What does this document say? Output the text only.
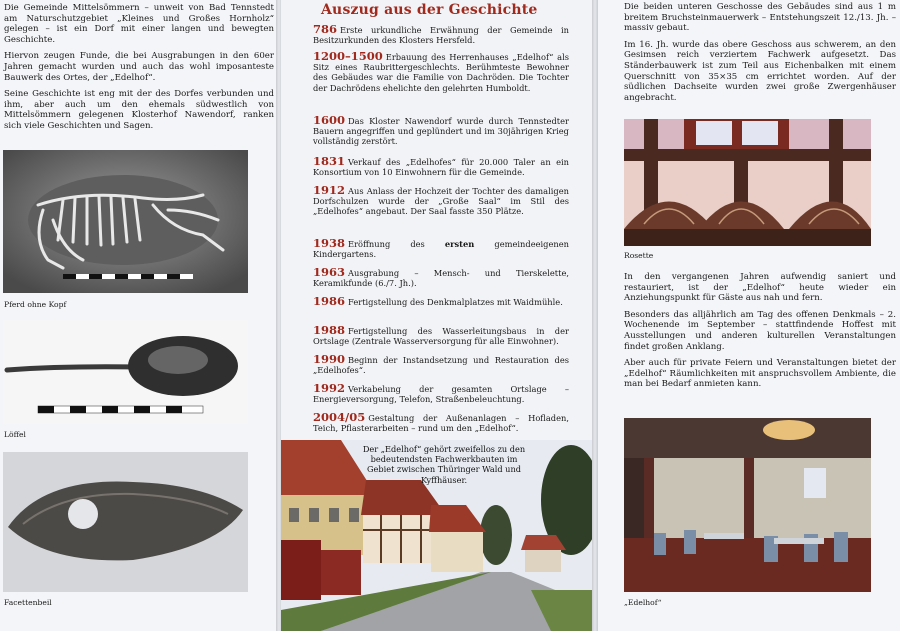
Die Gemeinde Mittelsömmern – unweit von Bad Tennstedt am Naturschutzgebiet „Kleines und Großes Hornholz“ gelegen – ist ein Dorf mit einer langen und bewegten Geschichte.

Hiervon zeugen Funde, die bei Ausgrabungen in den 60er Jahren gemacht wurden und auch das wohl imposanteste Bauwerk des Ortes, der „Edelhof“.

Seine Geschichte ist eng mit der des Dorfes verbunden und ihm, aber auch um den ehemals südwestlich von Mittelsömmern gelegenen Klosterhof Nawendorf, ranken sich viele Geschichten und Sagen.

Pferd ohne Kopf
Löffel
Facettenbeil
Auszug aus der Geschichte
786 Erste urkundliche Erwähnung der Gemeinde in Besitzurkunden des Klosters Hersfeld.
1200–1500 Erbauung des Herrenhauses „Edelhof“ als Sitz eines Raubrittergeschlechts. Berühmteste Bewohner des Gebäudes war die Familie von Dachröden. Die Tochter der Dachrödens ehelichte den gelehrten Humboldt.
1600 Das Kloster Nawendorf wurde durch Tennstedter Bauern angegriffen und geplündert und im 30jährigen Krieg vollständig zerstört.
1831 Verkauf des „Edelhofes“ für 20.000 Taler an ein Konsortium von 10 Einwohnern für die Gemeinde.
1912 Aus Anlass der Hochzeit der Tochter des damaligen Dorfschulzen wurde der „Große Saal“ im Stil des „Edelhofes“ angebaut. Der Saal fasste 350 Plätze.
1938 Eröffnung des ersten gemeindeeigenen Kindergartens.
1963 Ausgrabung – Mensch- und Tierskelette, Keramikfunde (6./7. Jh.).
1986 Fertigstellung des Denkmalplatzes mit Waidmühle.
1988 Fertigstellung des Wasserleitungsbaus in der Ortslage (Zentrale Wasserversorgung für alle Einwohner).
1990 Beginn der Instandsetzung und Restauration des „Edelhofes“.
1992 Verkabelung der gesamten Ortslage – Energieversorgung, Telefon, Straßenbeleuchtung.
2004/05 Gestaltung der Außenanlagen – Hofladen, Teich, Pflasterarbeiten – rund um den „Edelhof“.
Der „Edelhof“ gehört zweifellos zu den bedeutendsten Fachwerkbauten im Gebiet zwischen Thüringer Wald und Kyffhäuser.

Die beiden unteren Geschosse des Gebäudes sind aus 1 m breitem Bruchsteinmauerwerk – Entstehungszeit 12./13. Jh. – massiv gebaut.

Im 16. Jh. wurde das obere Geschoss aus schwerem, an den Gesimsen reich verziertem Fachwerk aufgesetzt. Das Ständerbauwerk ist zum Teil aus Eichenbalken mit einem Querschnitt von 35×35 cm errichtet worden. Auf der südlichen Dachseite wurden zwei große Zwergenhäuser angebracht.

Rosette

In den vergangenen Jahren aufwendig saniert und restauriert, ist der „Edelhof“ heute wieder ein Anziehungspunkt für Gäste aus nah und fern.

Besonders das alljährlich am Tag des offenen Denkmals – 2. Wochenende im September – stattfindende Hoffest mit Ausstellungen und anderen kulturellen Veranstaltungen findet großen Anklang.

Aber auch für private Feiern und Veranstaltungen bietet der „Edelhof“ Räumlichkeiten mit anspruchsvollem Ambiente, die man bei Bedarf anmieten kann.

„Edelhof“
